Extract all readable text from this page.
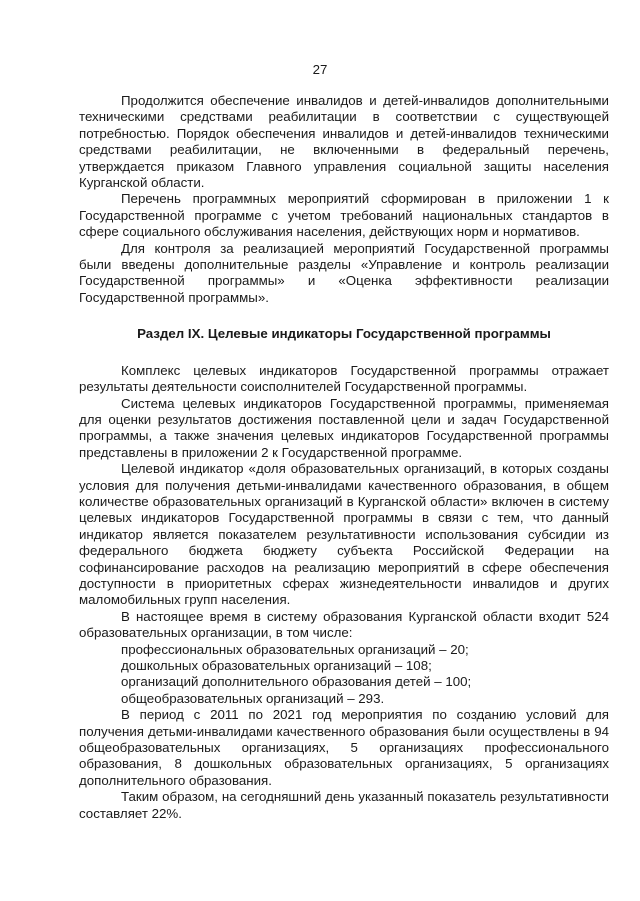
27

Продолжится обеспечение инвалидов и детей-инвалидов дополнительными техническими средствами реабилитации в соответствии с существующей потребностью. Порядок обеспечения инвалидов и детей-инвалидов техническими средствами реабилитации, не включенными в федеральный перечень, утверждается приказом Главного управления социальной защиты населения Курганской области.

Перечень программных мероприятий сформирован в приложении 1 к Государственной программе с учетом требований национальных стандартов в сфере социального обслуживания населения, действующих норм и нормативов.

Для контроля за реализацией мероприятий Государственной программы были введены дополнительные разделы «Управление и контроль реализации Государственной программы» и «Оценка эффективности реализации Государственной программы».

Раздел IX. Целевые индикаторы Государственной программы

Комплекс целевых индикаторов Государственной программы отражает результаты деятельности соисполнителей Государственной программы.

Система целевых индикаторов Государственной программы, применяемая для оценки результатов достижения поставленной цели и задач Государственной программы, а также значения целевых индикаторов Государственной программы представлены в приложении 2 к Государственной программе.

Целевой индикатор «доля образовательных организаций, в которых созданы условия для получения детьми-инвалидами качественного образования, в общем количестве образовательных организаций в Курганской области» включен в систему целевых индикаторов Государственной программы в связи с тем, что данный индикатор является показателем результативности использования субсидии из федерального бюджета бюджету субъекта Российской Федерации на софинансирование расходов на реализацию мероприятий в сфере обеспечения доступности в приоритетных сферах жизнедеятельности инвалидов и других маломобильных групп населения.

В настоящее время в систему образования Курганской области входит 524 образовательных организации, в том числе:

профессиональных образовательных организаций – 20;

дошкольных образовательных организаций – 108;

организаций дополнительного образования детей – 100;

общеобразовательных организаций – 293.

В период с 2011 по 2021 год мероприятия по созданию условий для получения детьми-инвалидами качественного образования были осуществлены в 94 общеобразовательных организациях, 5 организациях профессионального образования, 8 дошкольных образовательных организациях, 5 организациях дополнительного образования.

Таким образом, на сегодняшний день указанный показатель результативности составляет 22%.
